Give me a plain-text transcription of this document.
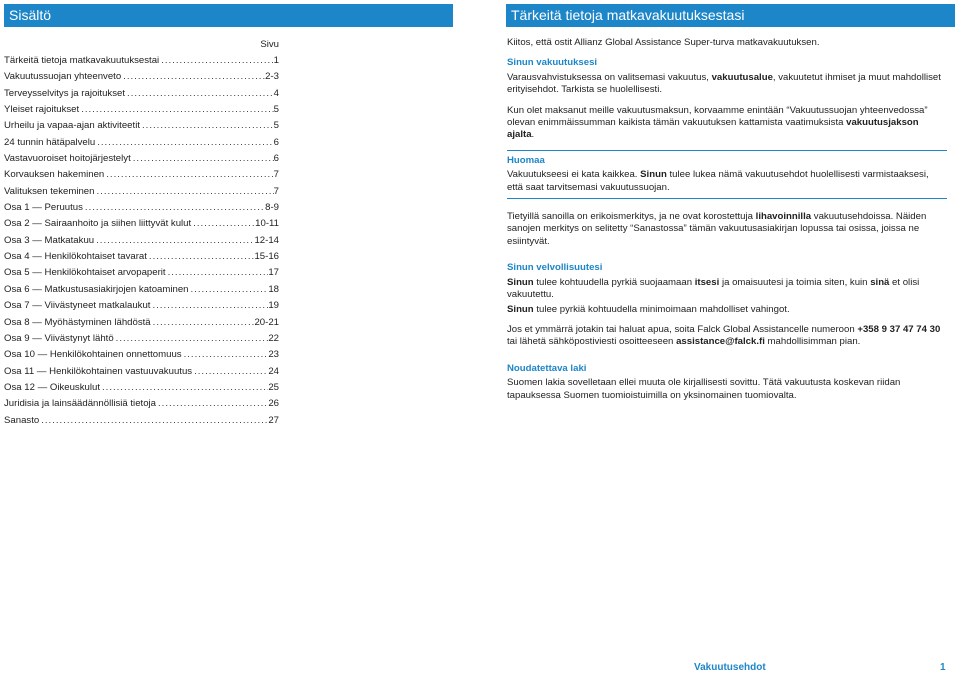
Sisältö	Tärkeitä tietoja matkavakuutuksestasi
Sivu
Tärkeitä tietoja matkavakuutuksestai .....	1
Vakuutussuojan yhteenveto .....	2-3
Terveysselvitys ja rajoitukset .....	4
Yleiset rajoitukset .....	5
Urheilu ja vapaa-ajan aktiviteetit .....	5
24 tunnin hätäpalvelu .....	6
Vastavuoroiset hoitojärjestelyt .....	6
Korvauksen hakeminen .....	7
Valituksen tekeminen .....	7
Osa 1 — Peruutus .....	8-9
Osa 2 — Sairaanhoito ja siihen liittyvät kulut .....	10-11
Osa 3 — Matkatakuu .....	12-14
Osa 4 — Henkilökohtaiset tavarat .....	15-16
Osa 5 — Henkilökohtaiset arvopaperit .....	17
Osa 6 — Matkustusasiakirjojen katoaminen .....	18
Osa 7 — Viivästyneet matkalaukut .....	19
Osa 8 — Myöhästyminen lähdöstä .....	20-21
Osa 9 — Viivästynyt lähtö .....	22
Osa 10 — Henkilökohtainen onnettomuus .....	23
Osa 11 — Henkilökohtainen vastuuvakuutus .....	24
Osa 12 — Oikeuskulut .....	25
Juridisia ja lainsäädännöllisiä tietoja .....	26
Sanasto .....	27

Kiitos, että ostit Allianz Global Assistance Super-turva matkavakuutuksen.

Sinun vakuutuksesi

Varausvahvistuksessa on valitsemasi vakuutus, vakuutusalue, vakuutetut ihmiset ja muut mahdolliset erityisehdot. Tarkista se huolellisesti.

Kun olet maksanut meille vakuutusmaksun, korvaamme enintään “Vakuutussuojan yhteenvedossa” olevan enimmäissumman kaikista tämän vakuutuksen kattamista vaatimuksista vakuutusjakson ajalta.

Huomaa

Vakuutukseesi ei kata kaikkea. Sinun tulee lukea nämä vakuutusehdot huolellisesti varmistaaksesi, että saat tarvitsemasi vakuutussuojan.

Tietyillä sanoilla on erikoismerkitys, ja ne ovat korostettuja lihavoinnilla vakuutusehdoissa. Näiden sanojen merkitys on selitetty “Sanastossa” tämän vakuutusasiakirjan lopussa tai osissa, joissa ne esiintyvät.

Sinun velvollisuutesi

Sinun tulee kohtuudella pyrkiä suojaamaan itsesi ja omaisuutesi ja toimia siten, kuin sinä et olisi vakuutettu.

Sinun tulee pyrkiä kohtuudella minimoimaan mahdolliset vahingot.

Jos et ymmärrä jotakin tai haluat apua, soita Falck Global Assistancelle numeroon +358 9 37 47 74 30 tai lähetä sähköpostiviesti osoitteeseen assistance@falck.fi mahdollisimman pian.

Noudatettava laki

Suomen lakia sovelletaan ellei muuta ole kirjallisesti sovittu. Tätä vakuutusta koskevan riidan tapauksessa Suomen tuomioistuimilla on yksinomainen tuomiovalta.

Vakuutusehdot	1
